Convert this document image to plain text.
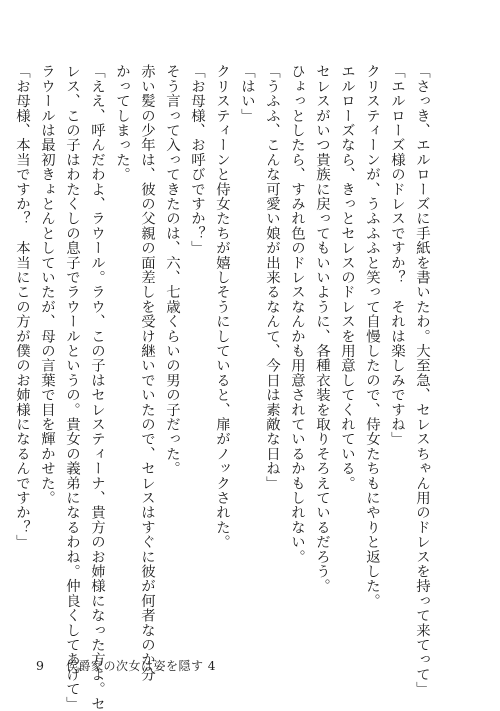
「さっき、エルローズに手紙を書いたわ。大至急、セレスちゃん用のドレスを持って来てって」
「エルローズ様のドレスですか？　それは楽しみですね」
クリスティーンが、うふふふと笑って自慢したので、侍女たちもにやりと返した。
エルローズなら、きっとセレスのドレスを用意してくれている。
セレスがいつ貴族に戻ってもいいように、各種衣装を取りそろえているだろう。
ひょっとしたら、すみれ色のドレスなんかも用意されているかもしれない。
「うふふ、こんな可愛い娘が出来るなんて、今日は素敵な日ね」
「はい」
クリスティーンと侍女たちが嬉しそうにしていると、扉がノックされた。
「お母様、お呼びですか？」
そう言って入ってきたのは、六、七歳くらいの男の子だった。
赤い髪の少年は、彼の父親の面差しを受け継いでいたので、セレスはすぐに彼が何者なのか分
かってしまった。
「ええ、呼んだわよ、ラウール。ラウ、この子はセレスティーナ、貴方のお姉様になった方よ。セ
レス、この子はわたくしの息子でラウールというの。貴女の義弟になるわね。仲良くしてあげて」
ラウールは最初きょとんとしていたが、母の言葉で目を輝かせた。
「お母様、本当ですか？　本当にこの方が僕のお姉様になるんですか？」
9 侯爵家の次女は姿を隠す 4
